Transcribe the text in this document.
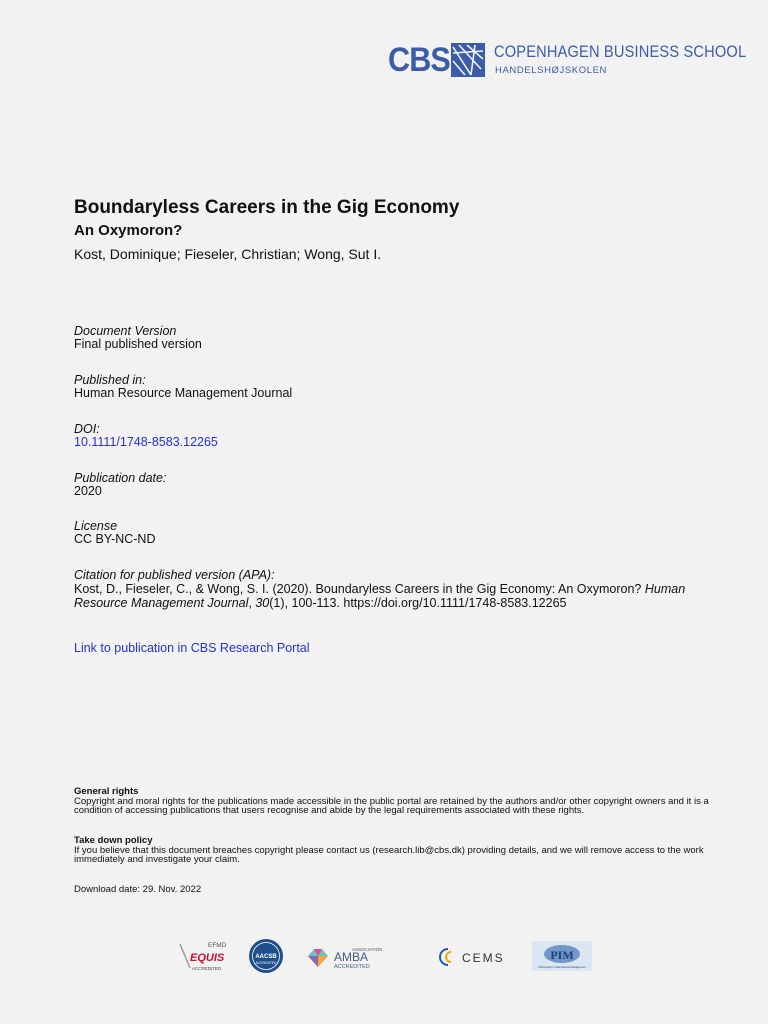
CBS	COPENHAGEN BUSINESS SCHOOL
HANDELSHØJSKOLEN
Boundaryless Careers in the Gig Economy
An Oxymoron?
Kost, Dominique; Fieseler, Christian; Wong, Sut I.
Document Version
Final published version
Published in:
Human Resource Management Journal
DOI:
10.1111/1748-8583.12265
Publication date:
2020
License
CC BY-NC-ND
Citation for published version (APA):
Kost, D., Fieseler, C., & Wong, S. I. (2020). Boundaryless Careers in the Gig Economy: An Oxymoron? Human Resource Management Journal, 30(1), 100-113. https://doi.org/10.1111/1748-8583.12265
Link to publication in CBS Research Portal
General rights
Copyright and moral rights for the publications made accessible in the public portal are retained by the authors and/or other copyright owners and it is a condition of accessing publications that users recognise and abide by the legal requirements associated with these rights.
Take down policy
If you believe that this document breaches copyright please contact us (research.lib@cbs.dk) providing details, and we will remove access to the work immediately and investigate your claim.
Download date: 29. Nov. 2022
EFMD
EQUIS
ACCREDITED
AACSB
ACCREDITED
ASSOCIATION
AMBA
ACCREDITED
CEMS	PIM
Partnership in International Management
